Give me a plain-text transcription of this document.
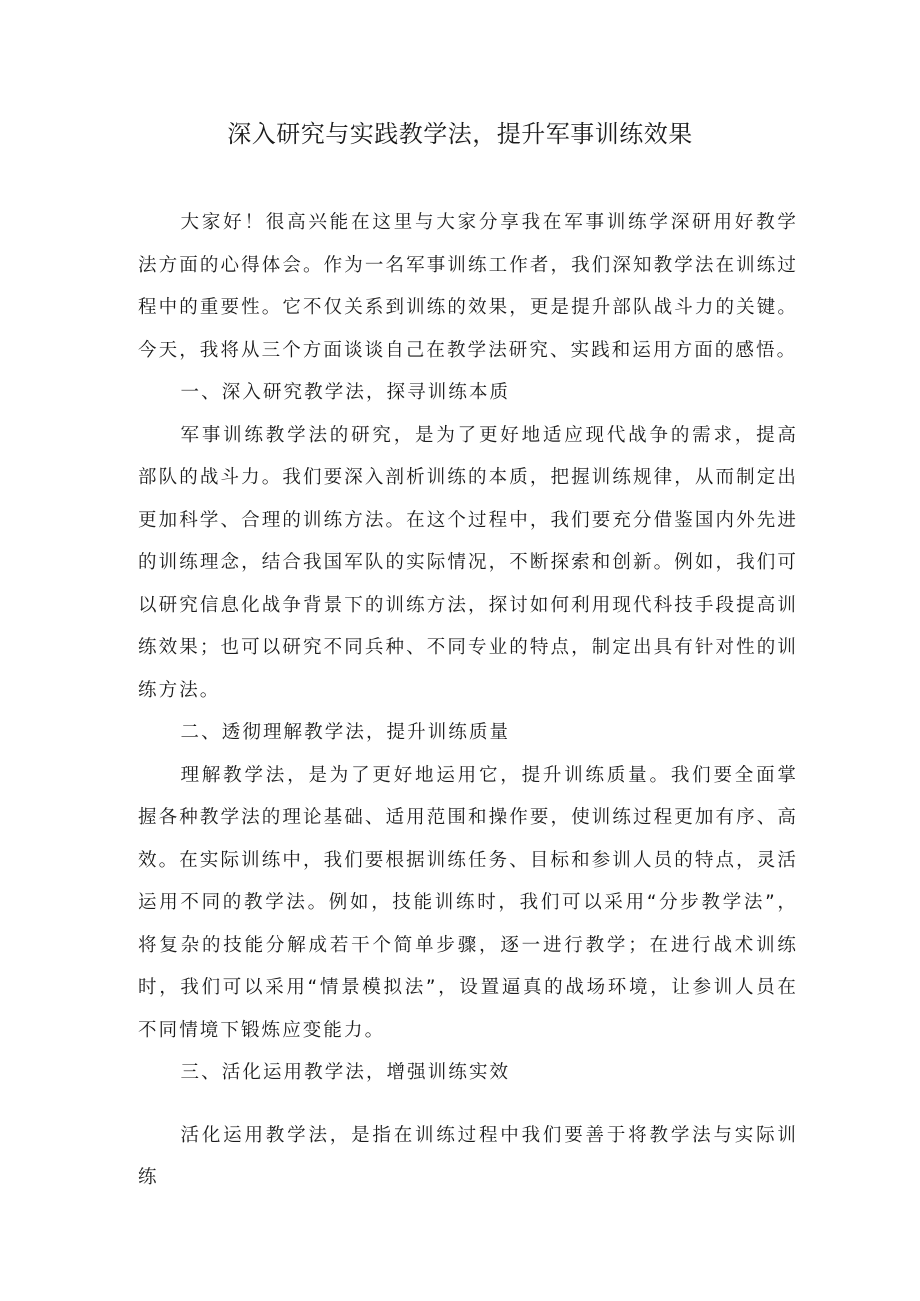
深入研究与实践教学法，提升军事训练效果

大家好！很高兴能在这里与大家分享我在军事训练学深研用好教学法方面的心得体会。作为一名军事训练工作者，我们深知教学法在训练过程中的重要性。它不仅关系到训练的效果，更是提升部队战斗力的关键。今天，我将从三个方面谈谈自己在教学法研究、实践和运用方面的感悟。

一、深入研究教学法，探寻训练本质

军事训练教学法的研究，是为了更好地适应现代战争的需求，提高部队的战斗力。我们要深入剖析训练的本质，把握训练规律，从而制定出更加科学、合理的训练方法。在这个过程中，我们要充分借鉴国内外先进的训练理念，结合我国军队的实际情况，不断探索和创新。例如，我们可以研究信息化战争背景下的训练方法，探讨如何利用现代科技手段提高训练效果；也可以研究不同兵种、不同专业的特点，制定出具有针对性的训练方法。

二、透彻理解教学法，提升训练质量

理解教学法，是为了更好地运用它，提升训练质量。我们要全面掌握各种教学法的理论基础、适用范围和操作要，使训练过程更加有序、高效。在实际训练中，我们要根据训练任务、目标和参训人员的特点，灵活运用不同的教学法。例如，技能训练时，我们可以采用“分步教学法”，将复杂的技能分解成若干个简单步骤，逐一进行教学；在进行战术训练时，我们可以采用“情景模拟法”，设置逼真的战场环境，让参训人员在不同情境下锻炼应变能力。

三、活化运用教学法，增强训练实效

活化运用教学法，是指在训练过程中我们要善于将教学法与实际训练
